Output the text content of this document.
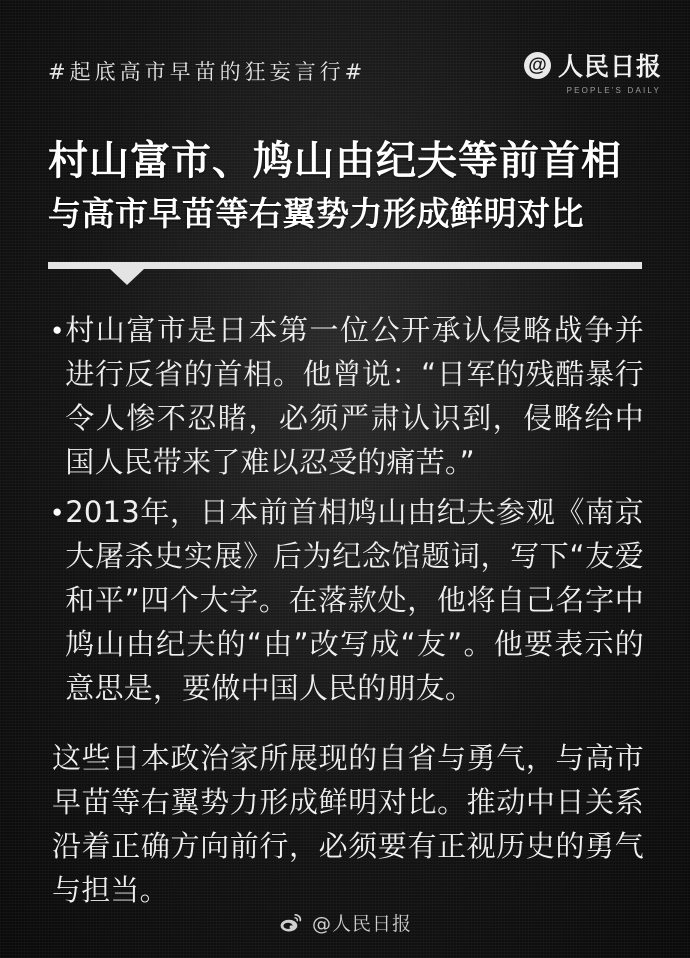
#起底高市早苗的狂妄言行#	@ 人民日报
PEOPLE'S DAILY
村山富市、鸠山由纪夫等前首相
与高市早苗等右翼势力形成鲜明对比
● 村山富市是日本第一位公开承认侵略战争并进行反省的首相。他曾说：“日军的残酷暴行令人惨不忍睹，必须严肃认识到，侵略给中国人民带来了难以忍受的痛苦。”
● 2013年，日本前首相鸠山由纪夫参观《南京大屠杀史实展》后为纪念馆题词，写下“友爱和平”四个大字。在落款处，他将自己名字中鸠山由纪夫的“由”改写成“友”。他要表示的意思是，要做中国人民的朋友。
这些日本政治家所展现的自省与勇气，与高市早苗等右翼势力形成鲜明对比。推动中日关系沿着正确方向前行，必须要有正视历史的勇气与担当。
@人民日报
